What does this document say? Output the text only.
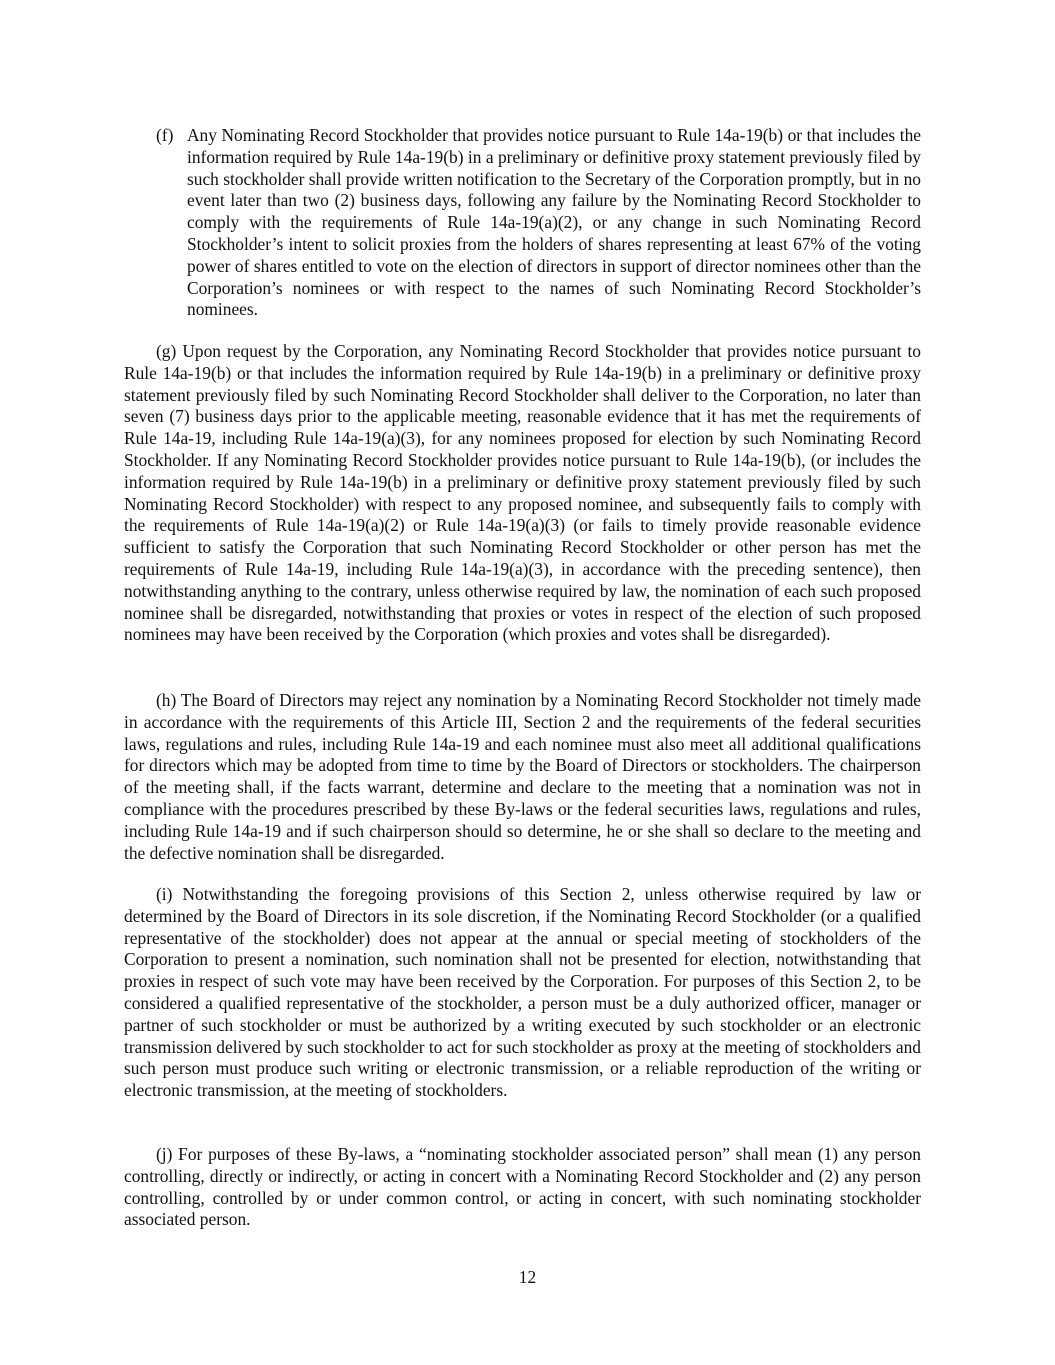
(f) Any Nominating Record Stockholder that provides notice pursuant to Rule 14a-19(b) or that includes the information required by Rule 14a-19(b) in a preliminary or definitive proxy statement previously filed by such stockholder shall provide written notification to the Secretary of the Corporation promptly, but in no event later than two (2) business days, following any failure by the Nominating Record Stockholder to comply with the requirements of Rule 14a-19(a)(2), or any change in such Nominating Record Stockholder’s intent to solicit proxies from the holders of shares representing at least 67% of the voting power of shares entitled to vote on the election of directors in support of director nominees other than the Corporation’s nominees or with respect to the names of such Nominating Record Stockholder’s nominees.

(g) Upon request by the Corporation, any Nominating Record Stockholder that provides notice pursuant to Rule 14a-19(b) or that includes the information required by Rule 14a-19(b) in a preliminary or definitive proxy statement previously filed by such Nominating Record Stockholder shall deliver to the Corporation, no later than seven (7) business days prior to the applicable meeting, reasonable evidence that it has met the requirements of Rule 14a-19, including Rule 14a-19(a)(3), for any nominees proposed for election by such Nominating Record Stockholder. If any Nominating Record Stockholder provides notice pursuant to Rule 14a-19(b), (or includes the information required by Rule 14a-19(b) in a preliminary or definitive proxy statement previously filed by such Nominating Record Stockholder) with respect to any proposed nominee, and subsequently fails to comply with the requirements of Rule 14a-19(a)(2) or Rule 14a-19(a)(3) (or fails to timely provide reasonable evidence sufficient to satisfy the Corporation that such Nominating Record Stockholder or other person has met the requirements of Rule 14a-19, including Rule 14a-19(a)(3), in accordance with the preceding sentence), then notwithstanding anything to the contrary, unless otherwise required by law, the nomination of each such proposed nominee shall be disregarded, notwithstanding that proxies or votes in respect of the election of such proposed nominees may have been received by the Corporation (which proxies and votes shall be disregarded).

(h) The Board of Directors may reject any nomination by a Nominating Record Stockholder not timely made in accordance with the requirements of this Article III, Section 2 and the requirements of the federal securities laws, regulations and rules, including Rule 14a-19 and each nominee must also meet all additional qualifications for directors which may be adopted from time to time by the Board of Directors or stockholders. The chairperson of the meeting shall, if the facts warrant, determine and declare to the meeting that a nomination was not in compliance with the procedures prescribed by these By-laws or the federal securities laws, regulations and rules, including Rule 14a-19 and if such chairperson should so determine, he or she shall so declare to the meeting and the defective nomination shall be disregarded.

(i) Notwithstanding the foregoing provisions of this Section 2, unless otherwise required by law or determined by the Board of Directors in its sole discretion, if the Nominating Record Stockholder (or a qualified representative of the stockholder) does not appear at the annual or special meeting of stockholders of the Corporation to present a nomination, such nomination shall not be presented for election, notwithstanding that proxies in respect of such vote may have been received by the Corporation. For purposes of this Section 2, to be considered a qualified representative of the stockholder, a person must be a duly authorized officer, manager or partner of such stockholder or must be authorized by a writing executed by such stockholder or an electronic transmission delivered by such stockholder to act for such stockholder as proxy at the meeting of stockholders and such person must produce such writing or electronic transmission, or a reliable reproduction of the writing or electronic transmission, at the meeting of stockholders.

(j) For purposes of these By-laws, a “nominating stockholder associated person” shall mean (1) any person controlling, directly or indirectly, or acting in concert with a Nominating Record Stockholder and (2) any person controlling, controlled by or under common control, or acting in concert, with such nominating stockholder associated person.

12
